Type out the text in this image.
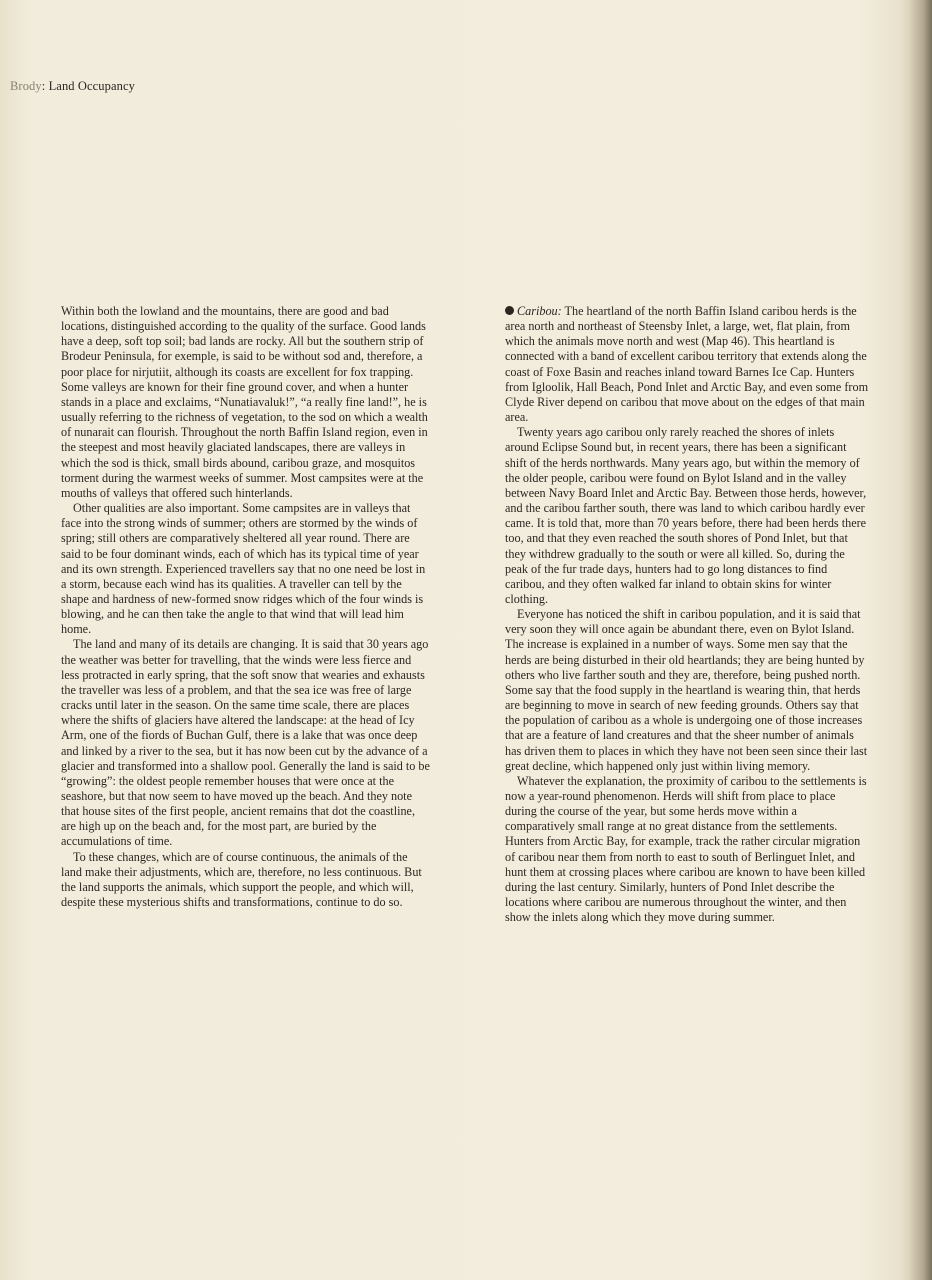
Brody: Land Occupancy

Within both the lowland and the mountains, there are good and bad locations, distinguished according to the quality of the surface. Good lands have a deep, soft top soil; bad lands are rocky. All but the southern strip of Brodeur Peninsula, for exemple, is said to be without sod and, therefore, a poor place for nirjutiit, although its coasts are excellent for fox trapping. Some valleys are known for their fine ground cover, and when a hunter stands in a place and exclaims, “Nunatiavaluk!”, “a really fine land!”, he is usually referring to the richness of vegetation, to the sod on which a wealth of nunarait can flourish. Throughout the north Baffin Island region, even in the steepest and most heavily glaciated landscapes, there are valleys in which the sod is thick, small birds abound, caribou graze, and mosquitos torment during the warmest weeks of summer. Most campsites were at the mouths of valleys that offered such hinterlands.

Other qualities are also important. Some campsites are in valleys that face into the strong winds of summer; others are stormed by the winds of spring; still others are comparatively sheltered all year round. There are said to be four dominant winds, each of which has its typical time of year and its own strength. Experienced travellers say that no one need be lost in a storm, because each wind has its qualities. A traveller can tell by the shape and hardness of new-formed snow ridges which of the four winds is blowing, and he can then take the angle to that wind that will lead him home.

The land and many of its details are changing. It is said that 30 years ago the weather was better for travelling, that the winds were less fierce and less protracted in early spring, that the soft snow that wearies and exhausts the traveller was less of a problem, and that the sea ice was free of large cracks until later in the season. On the same time scale, there are places where the shifts of glaciers have altered the landscape: at the head of Icy Arm, one of the fiords of Buchan Gulf, there is a lake that was once deep and linked by a river to the sea, but it has now been cut by the advance of a glacier and transformed into a shallow pool. Generally the land is said to be “growing”: the oldest people remember houses that were once at the seashore, but that now seem to have moved up the beach. And they note that house sites of the first people, ancient remains that dot the coastline, are high up on the beach and, for the most part, are buried by the accumulations of time.

To these changes, which are of course continuous, the animals of the land make their adjustments, which are, therefore, no less continuous. But the land supports the animals, which support the people, and which will, despite these mysterious shifts and transformations, continue to do so.

Caribou: The heartland of the north Baffin Island caribou herds is the area north and northeast of Steensby Inlet, a large, wet, flat plain, from which the animals move north and west (Map 46). This heartland is connected with a band of excellent caribou territory that extends along the coast of Foxe Basin and reaches inland toward Barnes Ice Cap. Hunters from Igloolik, Hall Beach, Pond Inlet and Arctic Bay, and even some from Clyde River depend on caribou that move about on the edges of that main area.

Twenty years ago caribou only rarely reached the shores of inlets around Eclipse Sound but, in recent years, there has been a significant shift of the herds northwards. Many years ago, but within the memory of the older people, caribou were found on Bylot Island and in the valley between Navy Board Inlet and Arctic Bay. Between those herds, however, and the caribou farther south, there was land to which caribou hardly ever came. It is told that, more than 70 years before, there had been herds there too, and that they even reached the south shores of Pond Inlet, but that they withdrew gradually to the south or were all killed. So, during the peak of the fur trade days, hunters had to go long distances to find caribou, and they often walked far inland to obtain skins for winter clothing.

Everyone has noticed the shift in caribou population, and it is said that very soon they will once again be abundant there, even on Bylot Island. The increase is explained in a number of ways. Some men say that the herds are being disturbed in their old heartlands; they are being hunted by others who live farther south and they are, therefore, being pushed north. Some say that the food supply in the heartland is wearing thin, that herds are beginning to move in search of new feeding grounds. Others say that the population of caribou as a whole is undergoing one of those increases that are a feature of land creatures and that the sheer number of animals has driven them to places in which they have not been seen since their last great decline, which happened only just within living memory.

Whatever the explanation, the proximity of caribou to the settlements is now a year-round phenomenon. Herds will shift from place to place during the course of the year, but some herds move within a comparatively small range at no great distance from the settlements. Hunters from Arctic Bay, for example, track the rather circular migration of caribou near them from north to east to south of Berlinguet Inlet, and hunt them at crossing places where caribou are known to have been killed during the last century. Similarly, hunters of Pond Inlet describe the locations where caribou are numerous throughout the winter, and then show the inlets along which they move during summer.
